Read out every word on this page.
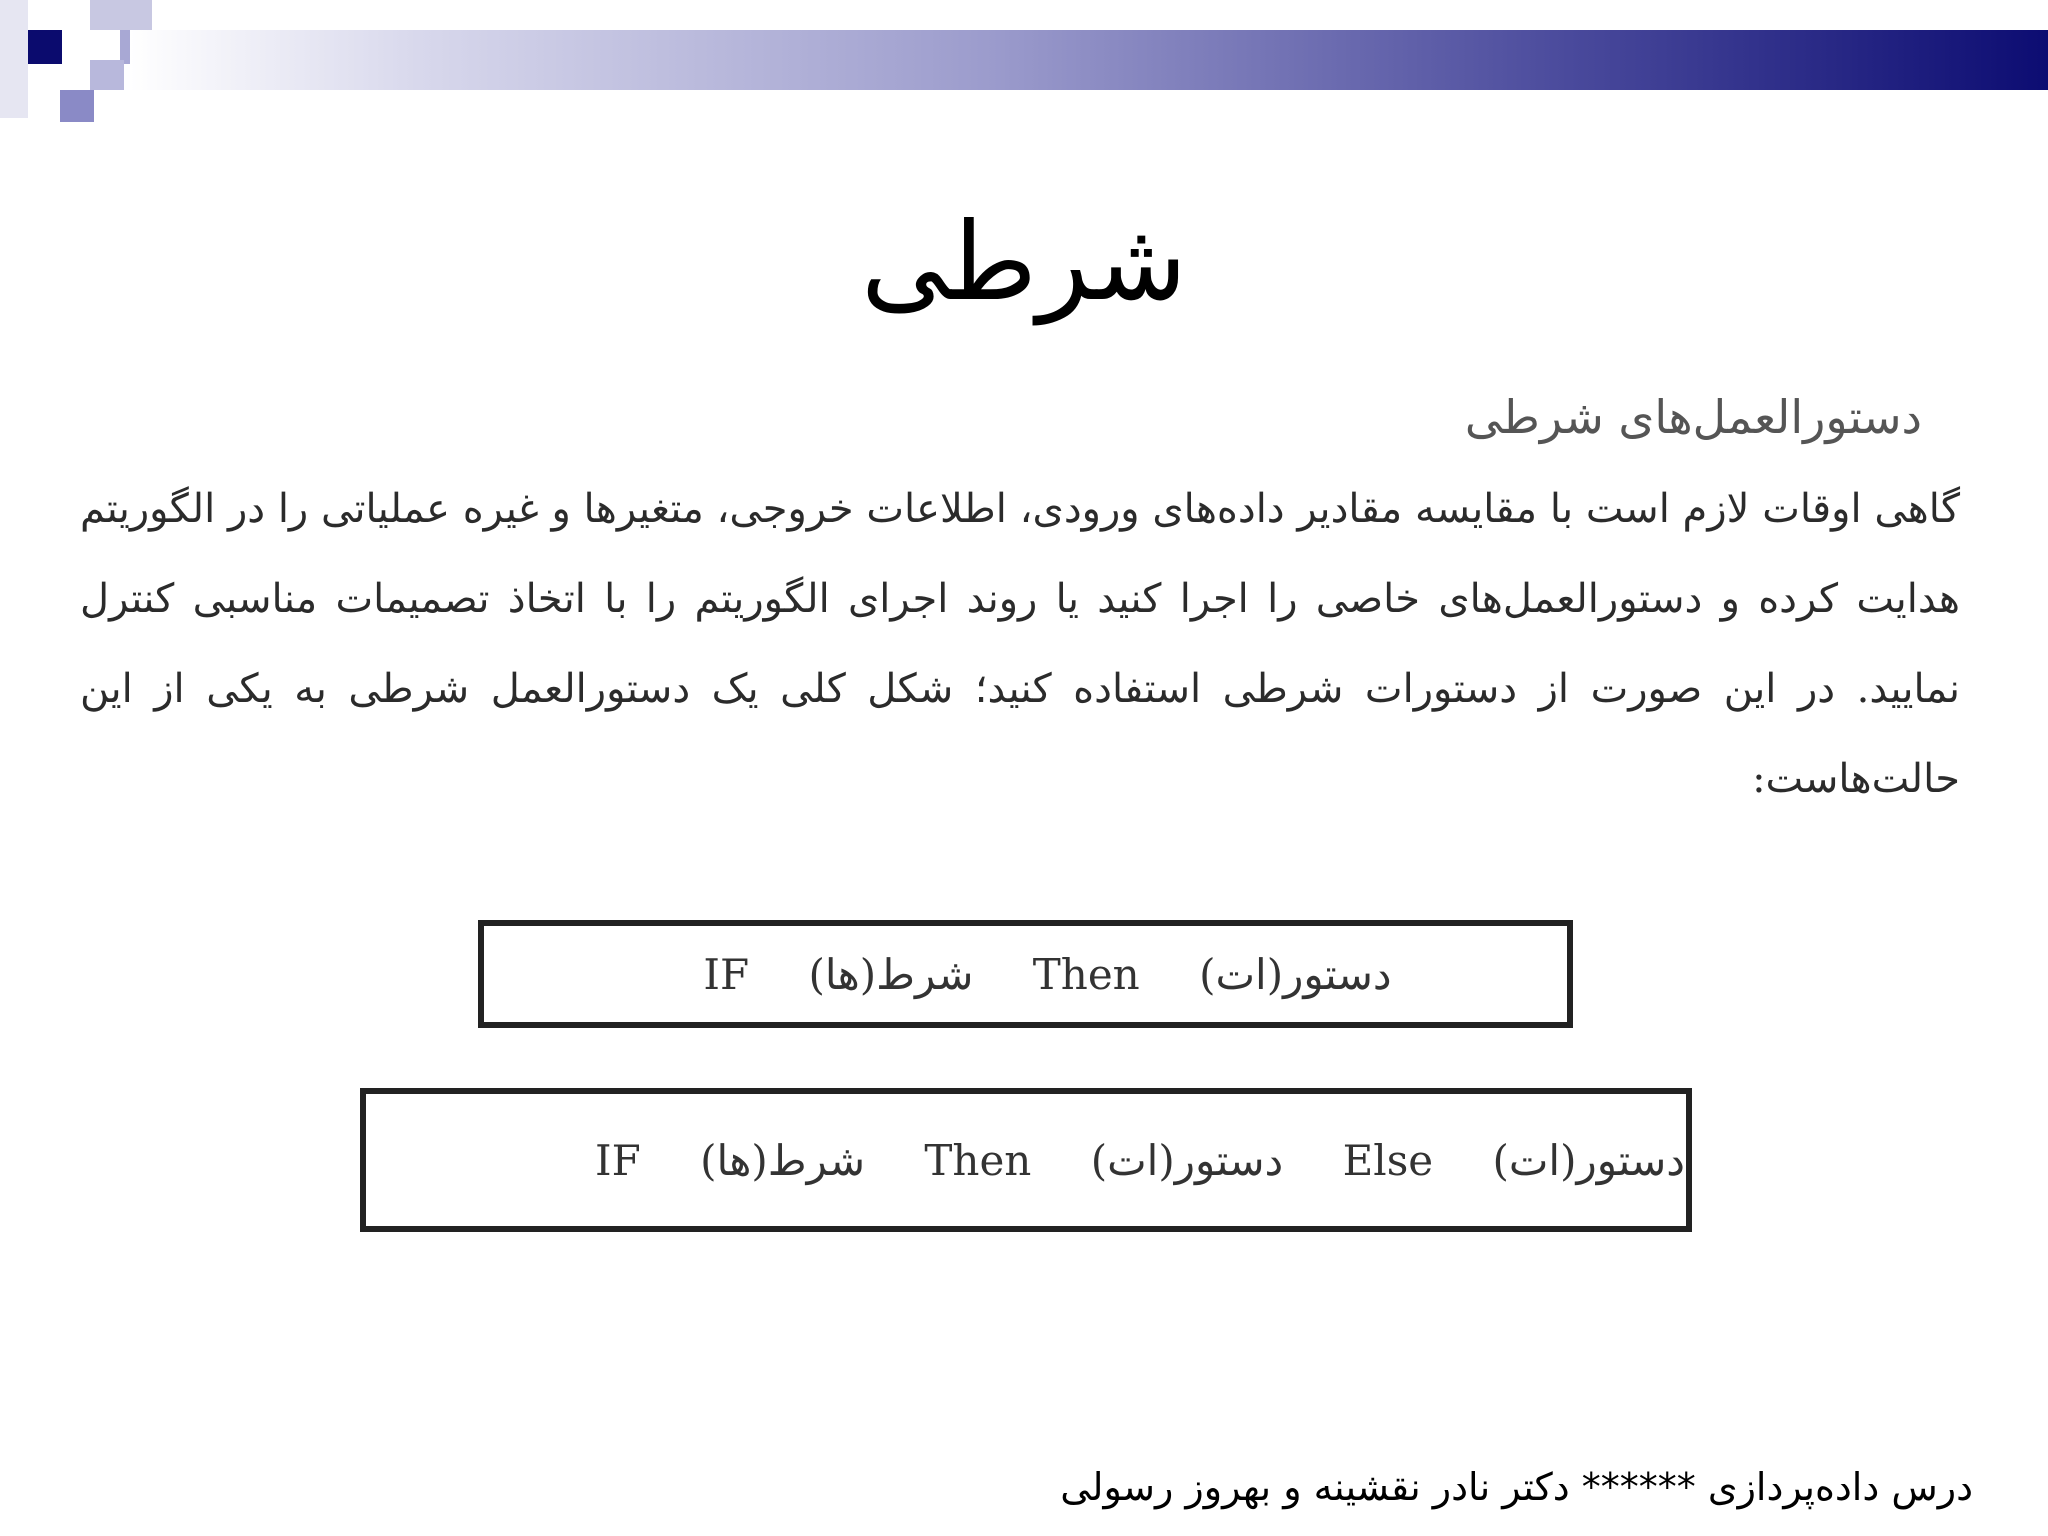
شرطی
دستورالعمل‌های شرطی
گاهی اوقات لازم است با مقایسه مقادیر داده‌های ورودی، اطلاعات خروجی، متغیرها و غیره عملیاتی را در الگوریتم هدایت کرده و دستورالعمل‌های خاصی را اجرا کنید یا روند اجرای الگوریتم را با اتخاذ تصمیمات مناسبی کنترل نمایید. در این صورت از دستورات شرطی استفاده کنید؛ شکل کلی یک دستورالعمل شرطی به یکی از این حالت‌هاست:
IF شرط(ها) Then دستور(ات)
IF شرط(ها) Then دستور(ات) Else دستور(ات)
درس داده‌پردازی ****** دکتر نادر نقشینه و بهروز رسولی
